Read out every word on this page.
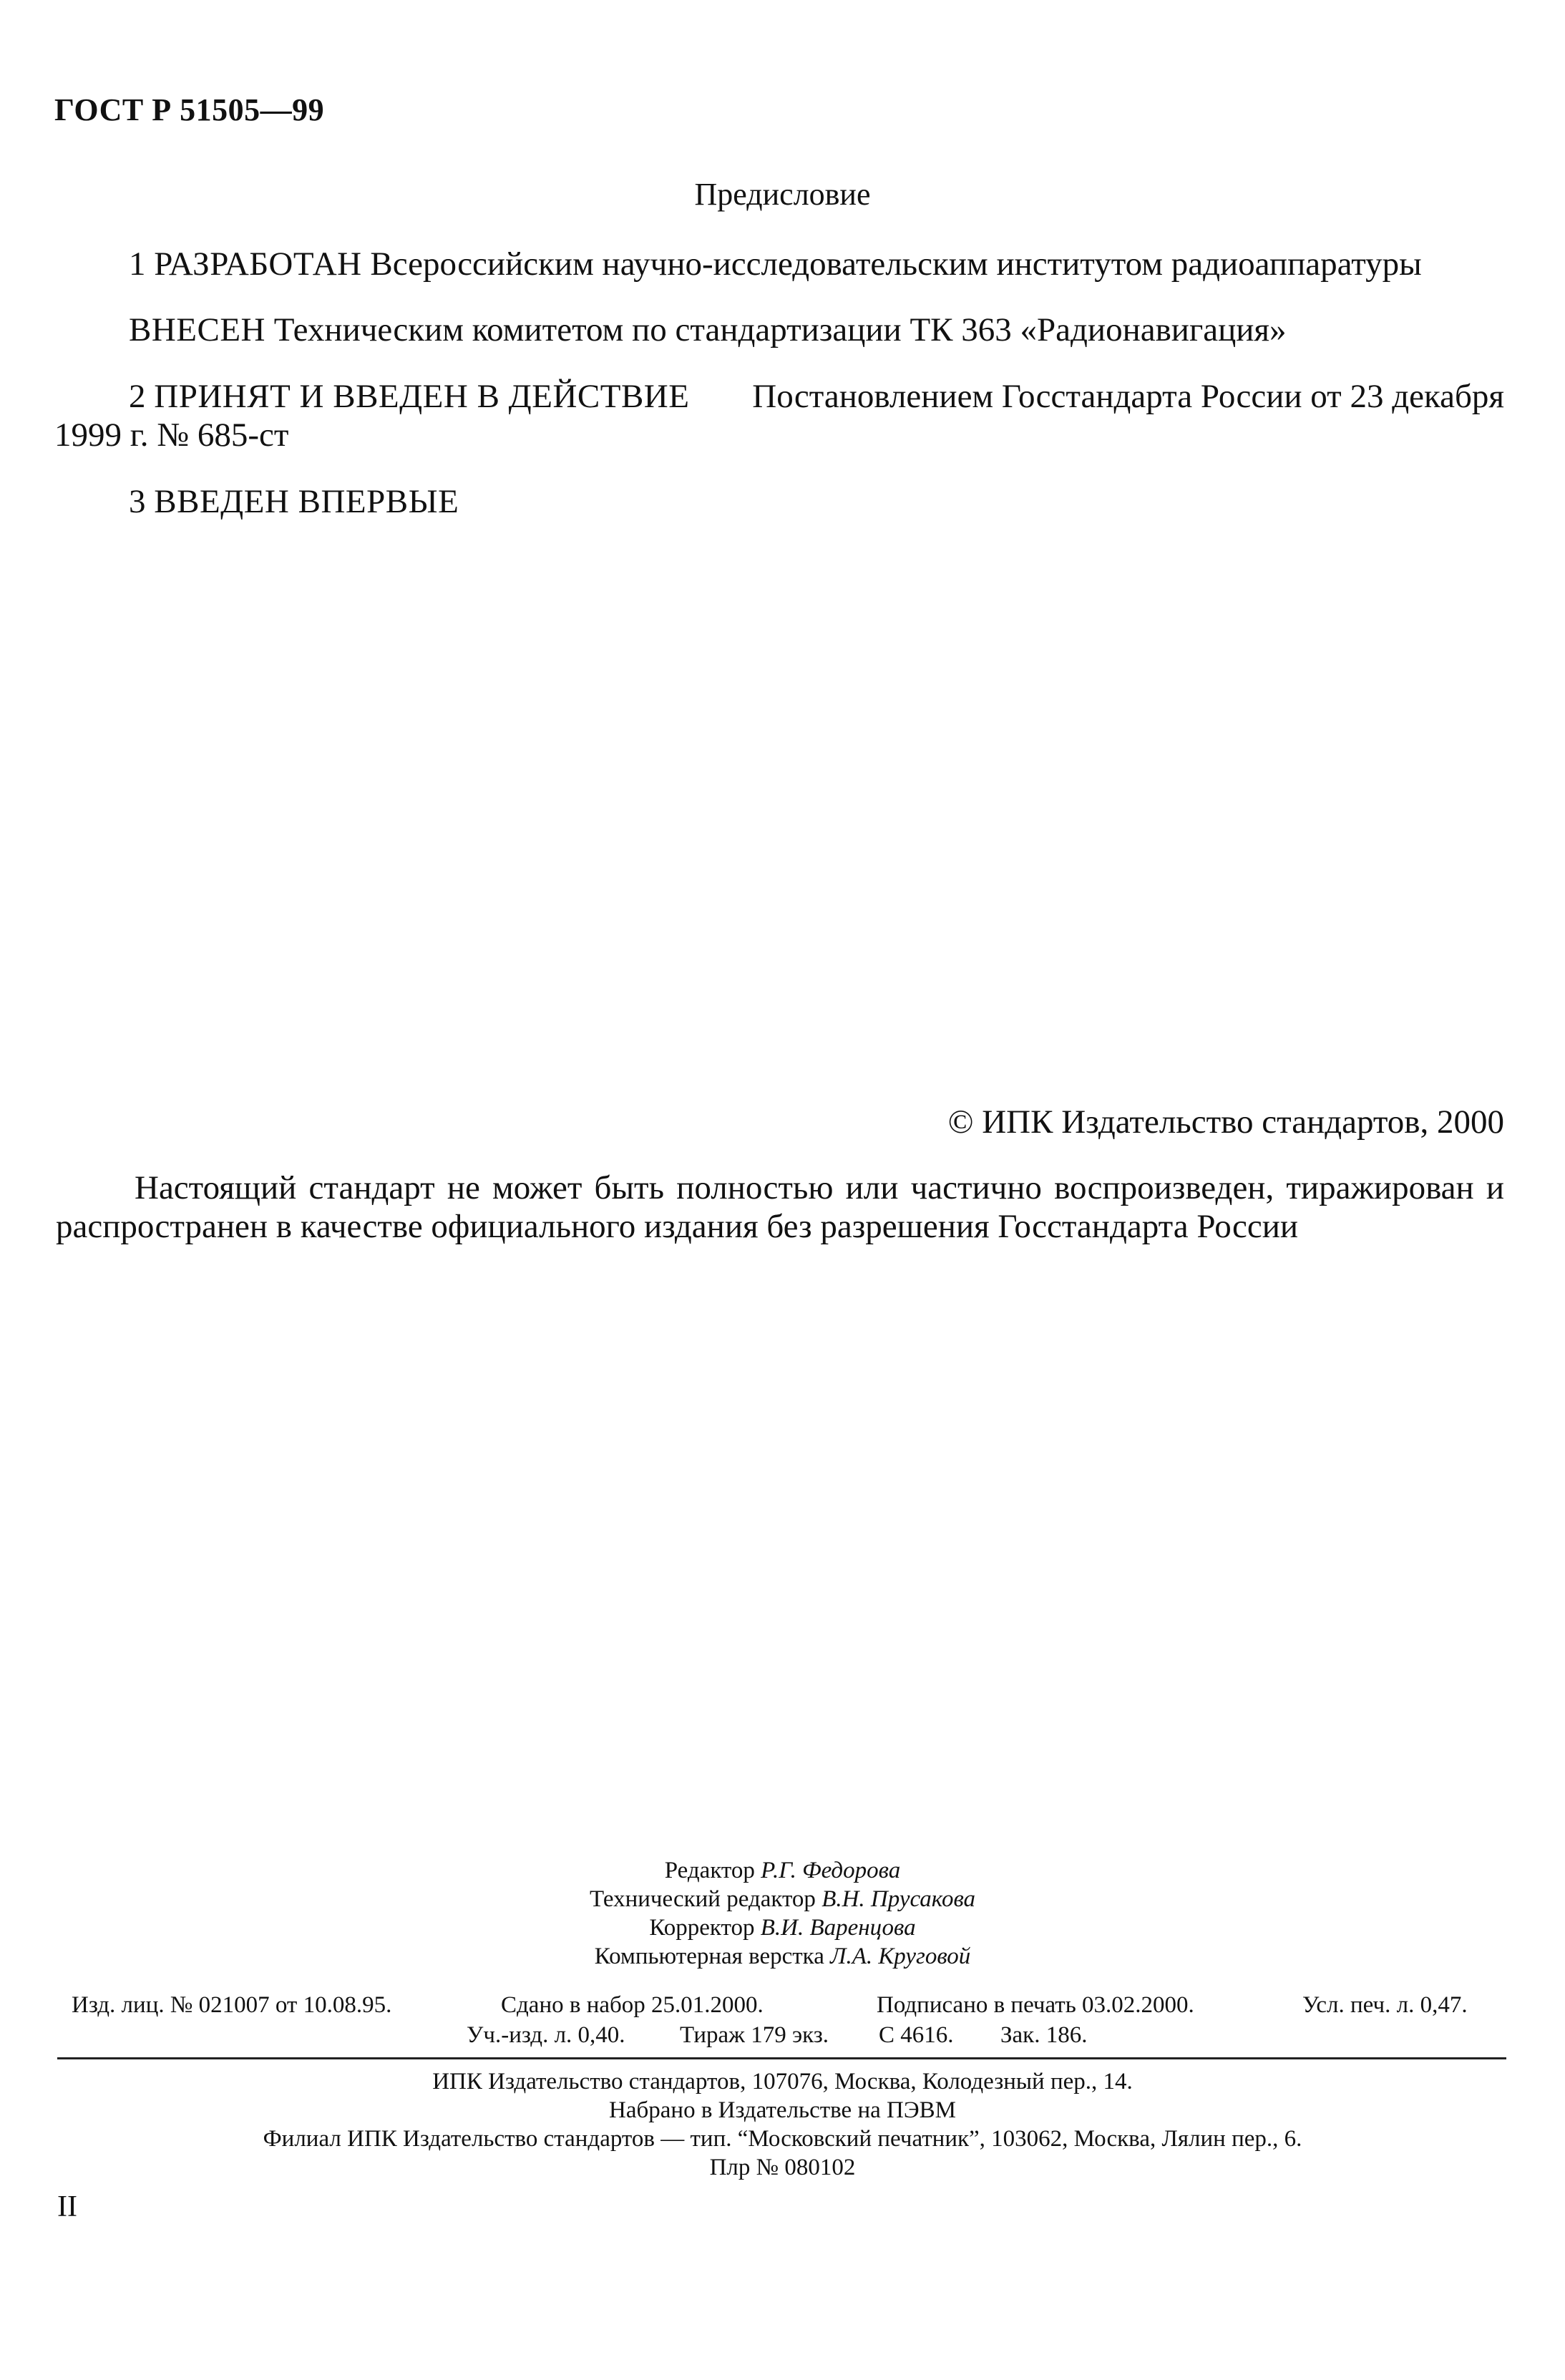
ГОСТ Р 51505—99
Предисловие
1 РАЗРАБОТАН Всероссийским научно-исследовательским институтом радиоаппаратуры
ВНЕСЕН Техническим комитетом по стандартизации ТК 363 «Радионавигация»
2 ПРИНЯТ И ВВЕДЕН В ДЕЙСТВИЕ Постановлением Госстандарта России от 23 декабря
1999 г. № 685-ст
3 ВВЕДЕН ВПЕРВЫЕ
© ИПК Издательство стандартов, 2000
Настоящий стандарт не может быть полностью или частично воспроизведен, тиражирован и
распространен в качестве официального издания без разрешения Госстандарта России
Редактор Р.Г. Федорова
Технический редактор В.Н. Прусакова
Корректор В.И. Варенцова
Компьютерная верстка Л.А. Круговой
Изд. лиц. № 021007 от 10.08.95.	Сдано в набор 25.01.2000.	Подписано в печать 03.02.2000.	Усл. печ. л. 0,47.
Уч.-изд. л. 0,40. Тираж 179 экз. С 4616. Зак. 186.
ИПК Издательство стандартов, 107076, Москва, Колодезный пер., 14.
Набрано в Издательстве на ПЭВМ
Филиал ИПК Издательство стандартов — тип. “Московский печатник”, 103062, Москва, Лялин пер., 6.
Плр № 080102
II
